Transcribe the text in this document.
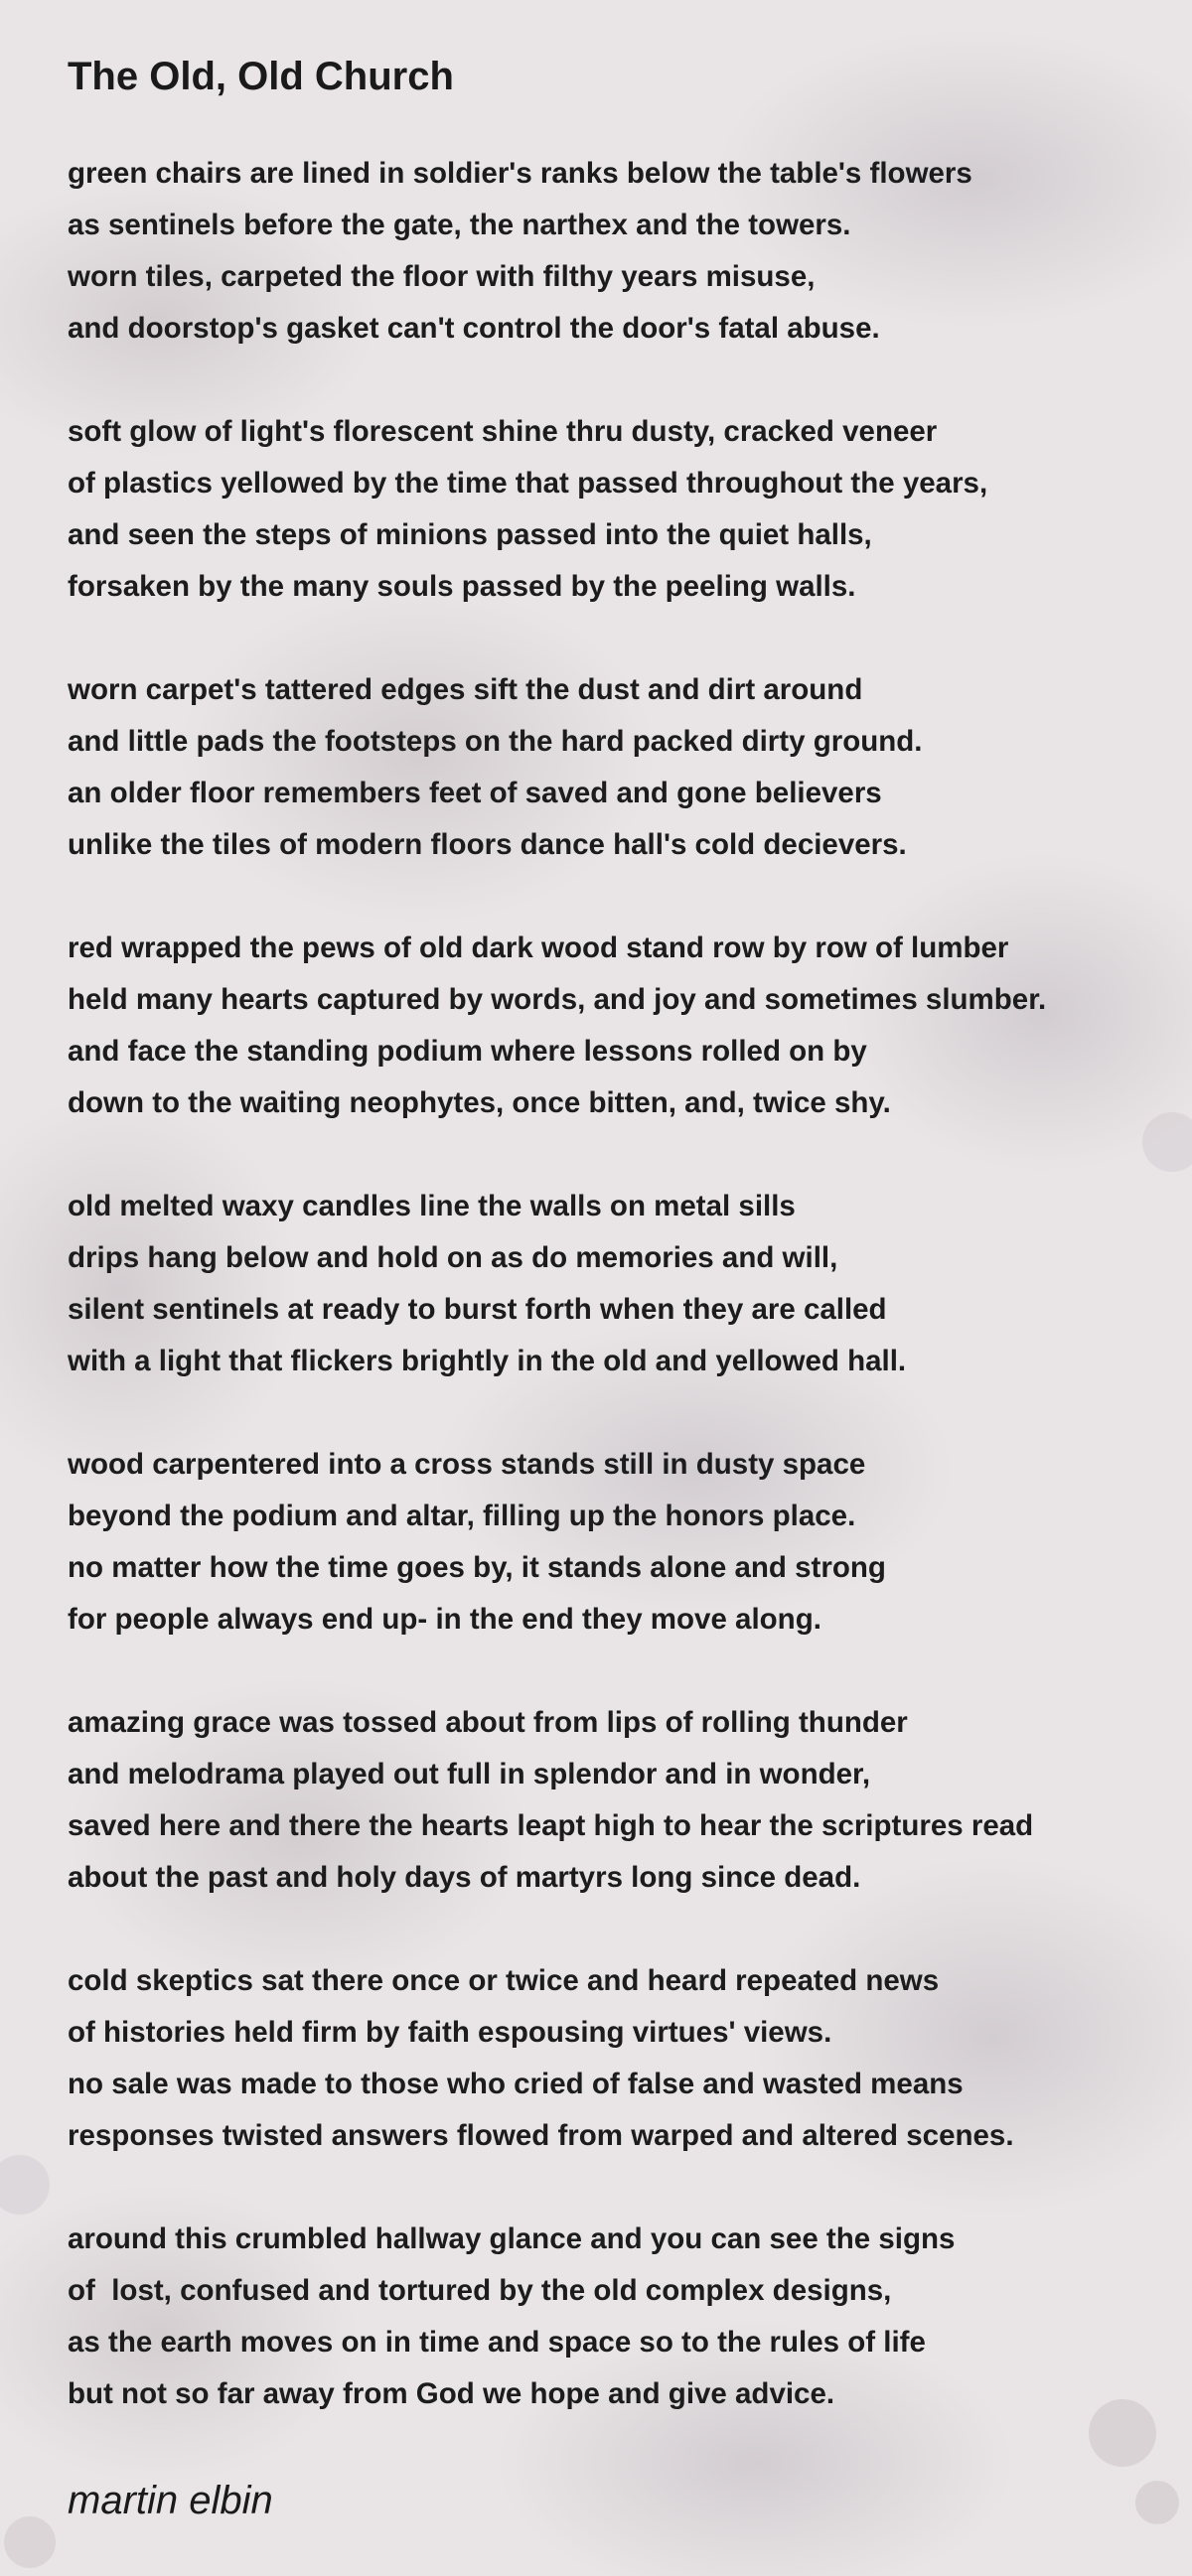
The Old, Old Church
green chairs are lined in soldier's ranks below the table's flowers
as sentinels before the gate, the narthex and the towers.
worn tiles, carpeted the floor with filthy years misuse,
and doorstop's gasket can't control the door's fatal abuse.
soft glow of light's florescent shine thru dusty, cracked veneer
of plastics yellowed by the time that passed throughout the years,
and seen the steps of minions passed into the quiet halls,
forsaken by the many souls passed by the peeling walls.
worn carpet's tattered edges sift the dust and dirt around
and little pads the footsteps on the hard packed dirty ground.
an older floor remembers feet of saved and gone believers
unlike the tiles of modern floors dance hall's cold decievers.
red wrapped the pews of old dark wood stand row by row of lumber
held many hearts captured by words, and joy and sometimes slumber.
and face the standing podium where lessons rolled on by
down to the waiting neophytes, once bitten, and, twice shy.
old melted waxy candles line the walls on metal sills
drips hang below and hold on as do memories and will,
silent sentinels at ready to burst forth when they are called
with a light that flickers brightly in the old and yellowed hall.
wood carpentered into a cross stands still in dusty space
beyond the podium and altar, filling up the honors place.
no matter how the time goes by, it stands alone and strong
for people always end up- in the end they move along.
amazing grace was tossed about from lips of rolling thunder
and melodrama played out full in splendor and in wonder,
saved here and there the hearts leapt high to hear the scriptures read
about the past and holy days of martyrs long since dead.
cold skeptics sat there once or twice and heard repeated news
of histories held firm by faith espousing virtues' views.
no sale was made to those who cried of false and wasted means
responses twisted answers flowed from warped and altered scenes.
around this crumbled hallway glance and you can see the signs
of  lost, confused and tortured by the old complex designs,
as the earth moves on in time and space so to the rules of life
but not so far away from God we hope and give advice.

martin elbin
